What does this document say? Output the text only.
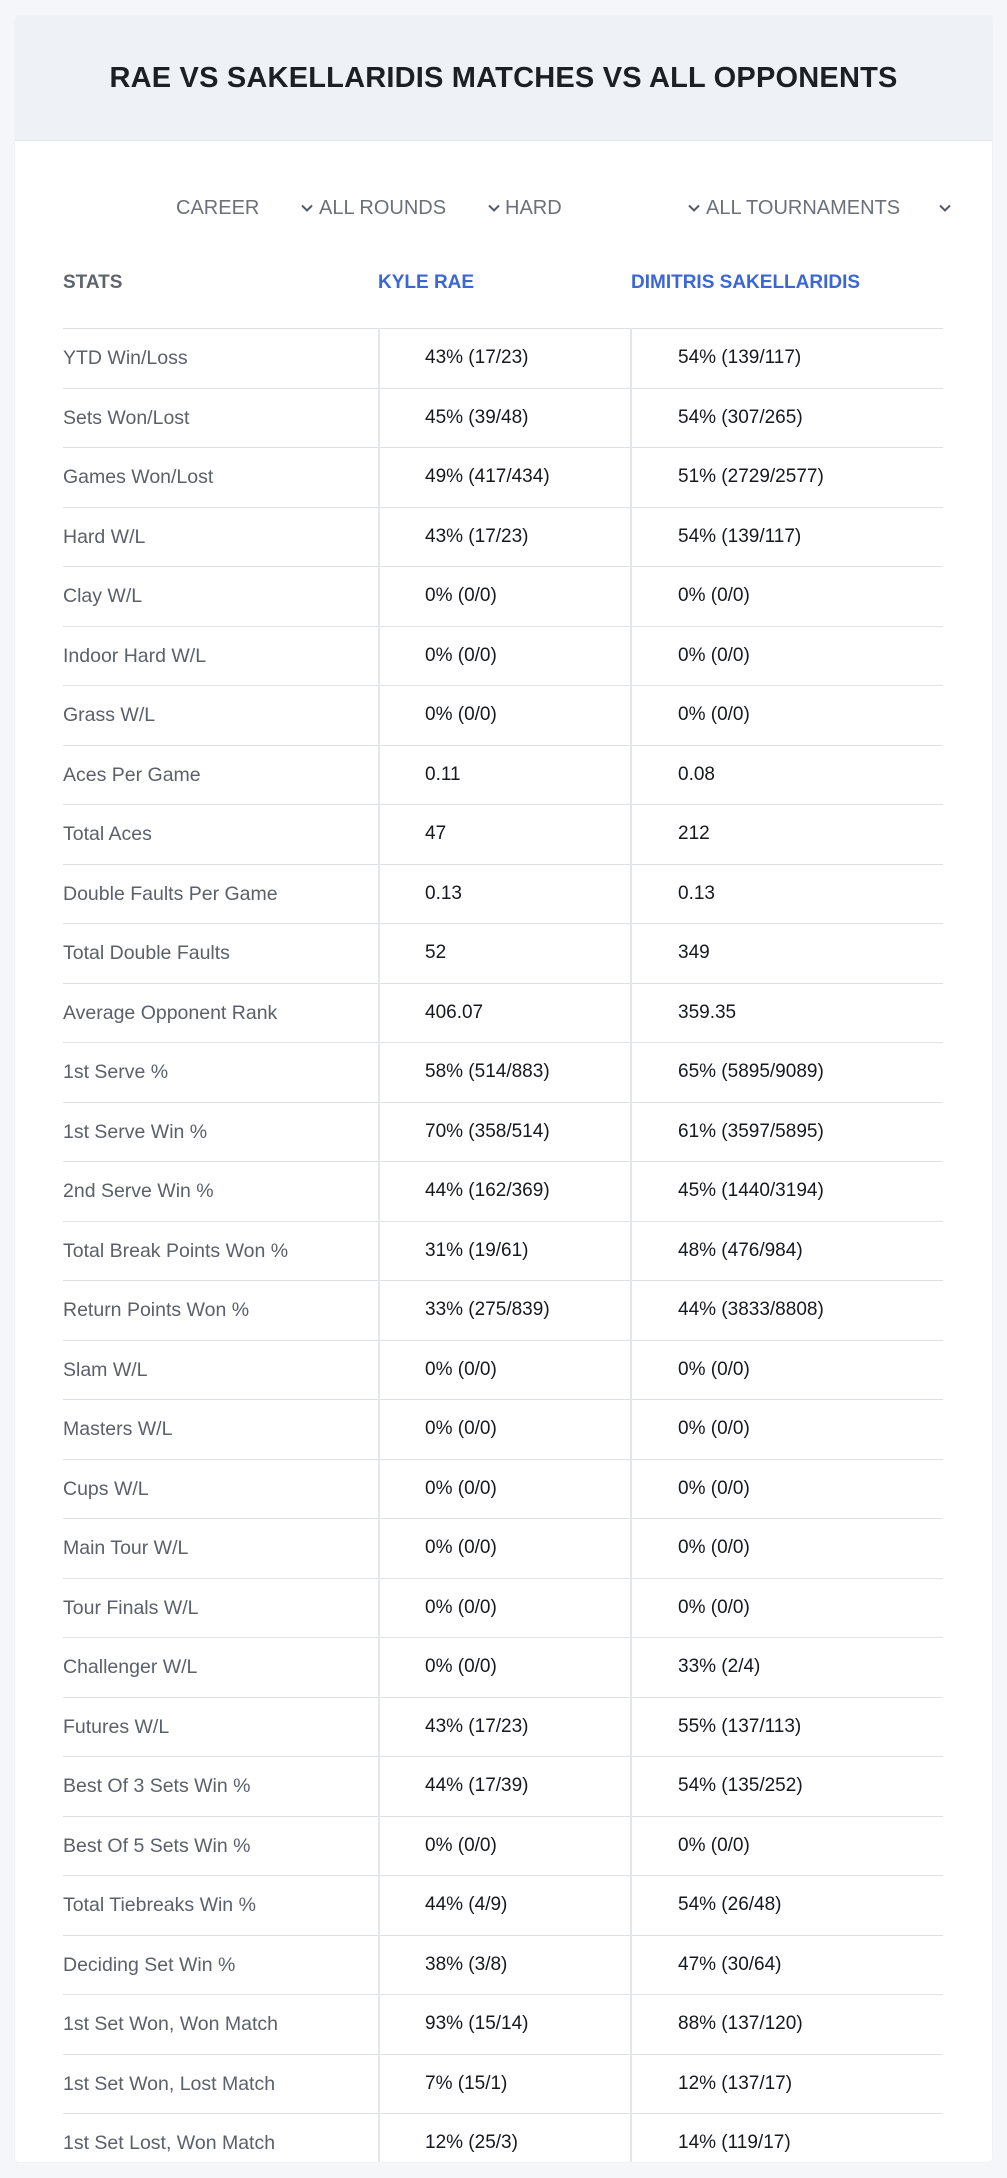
RAE VS SAKELLARIDIS MATCHES VS ALL OPPONENTS
CAREER	ALL ROUNDS	HARD	ALL TOURNAMENTS
STATS	KYLE RAE	DIMITRIS SAKELLARIDIS
YTD Win/Loss	43% (17/23)	54% (139/117)
Sets Won/Lost	45% (39/48)	54% (307/265)
Games Won/Lost	49% (417/434)	51% (2729/2577)
Hard W/L	43% (17/23)	54% (139/117)
Clay W/L	0% (0/0)	0% (0/0)
Indoor Hard W/L	0% (0/0)	0% (0/0)
Grass W/L	0% (0/0)	0% (0/0)
Aces Per Game	0.11	0.08
Total Aces	47	212
Double Faults Per Game	0.13	0.13
Total Double Faults	52	349
Average Opponent Rank	406.07	359.35
1st Serve %	58% (514/883)	65% (5895/9089)
1st Serve Win %	70% (358/514)	61% (3597/5895)
2nd Serve Win %	44% (162/369)	45% (1440/3194)
Total Break Points Won %	31% (19/61)	48% (476/984)
Return Points Won %	33% (275/839)	44% (3833/8808)
Slam W/L	0% (0/0)	0% (0/0)
Masters W/L	0% (0/0)	0% (0/0)
Cups W/L	0% (0/0)	0% (0/0)
Main Tour W/L	0% (0/0)	0% (0/0)
Tour Finals W/L	0% (0/0)	0% (0/0)
Challenger W/L	0% (0/0)	33% (2/4)
Futures W/L	43% (17/23)	55% (137/113)
Best Of 3 Sets Win %	44% (17/39)	54% (135/252)
Best Of 5 Sets Win %	0% (0/0)	0% (0/0)
Total Tiebreaks Win %	44% (4/9)	54% (26/48)
Deciding Set Win %	38% (3/8)	47% (30/64)
1st Set Won, Won Match	93% (15/14)	88% (137/120)
1st Set Won, Lost Match	7% (15/1)	12% (137/17)
1st Set Lost, Won Match	12% (25/3)	14% (119/17)
